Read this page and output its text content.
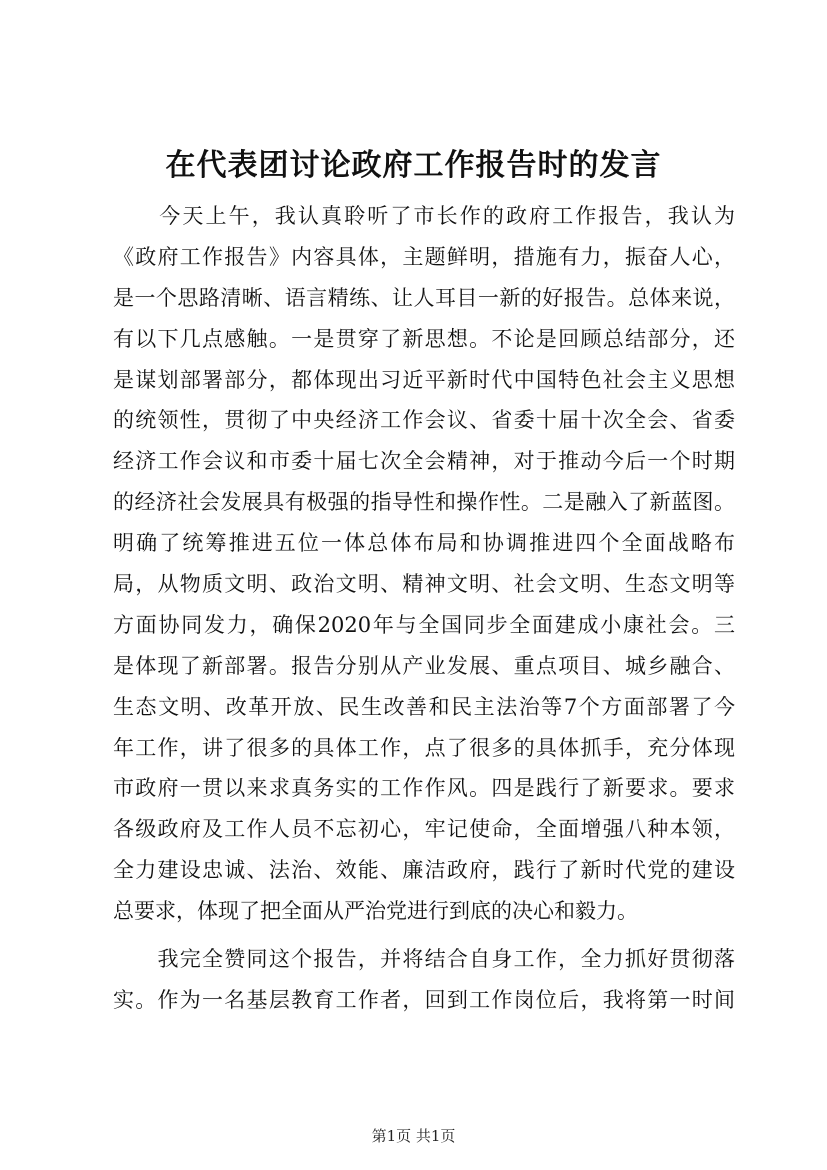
在代表团讨论政府工作报告时的发言
　　今天上午，我认真聆听了市长作的政府工作报告，我认为
《政府工作报告》内容具体，主题鲜明，措施有力，振奋人心，
是一个思路清晰、语言精练、让人耳目一新的好报告。总体来说，
有以下几点感触。一是贯穿了新思想。不论是回顾总结部分，还
是谋划部署部分，都体现出习近平新时代中国特色社会主义思想
的统领性，贯彻了中央经济工作会议、省委十届十次全会、省委
经济工作会议和市委十届七次全会精神，对于推动今后一个时期
的经济社会发展具有极强的指导性和操作性。二是融入了新蓝图。
明确了统筹推进五位一体总体布局和协调推进四个全面战略布
局，从物质文明、政治文明、精神文明、社会文明、生态文明等
方面协同发力，确保2020年与全国同步全面建成小康社会。三
是体现了新部署。报告分别从产业发展、重点项目、城乡融合、
生态文明、改革开放、民生改善和民主法治等7个方面部署了今
年工作，讲了很多的具体工作，点了很多的具体抓手，充分体现
市政府一贯以来求真务实的工作作风。四是践行了新要求。要求
各级政府及工作人员不忘初心，牢记使命，全面增强八种本领，
全力建设忠诚、法治、效能、廉洁政府，践行了新时代党的建设
总要求，体现了把全面从严治党进行到底的决心和毅力。
　　我完全赞同这个报告，并将结合自身工作，全力抓好贯彻落
实。作为一名基层教育工作者，回到工作岗位后，我将第一时间
第1页 共1页
